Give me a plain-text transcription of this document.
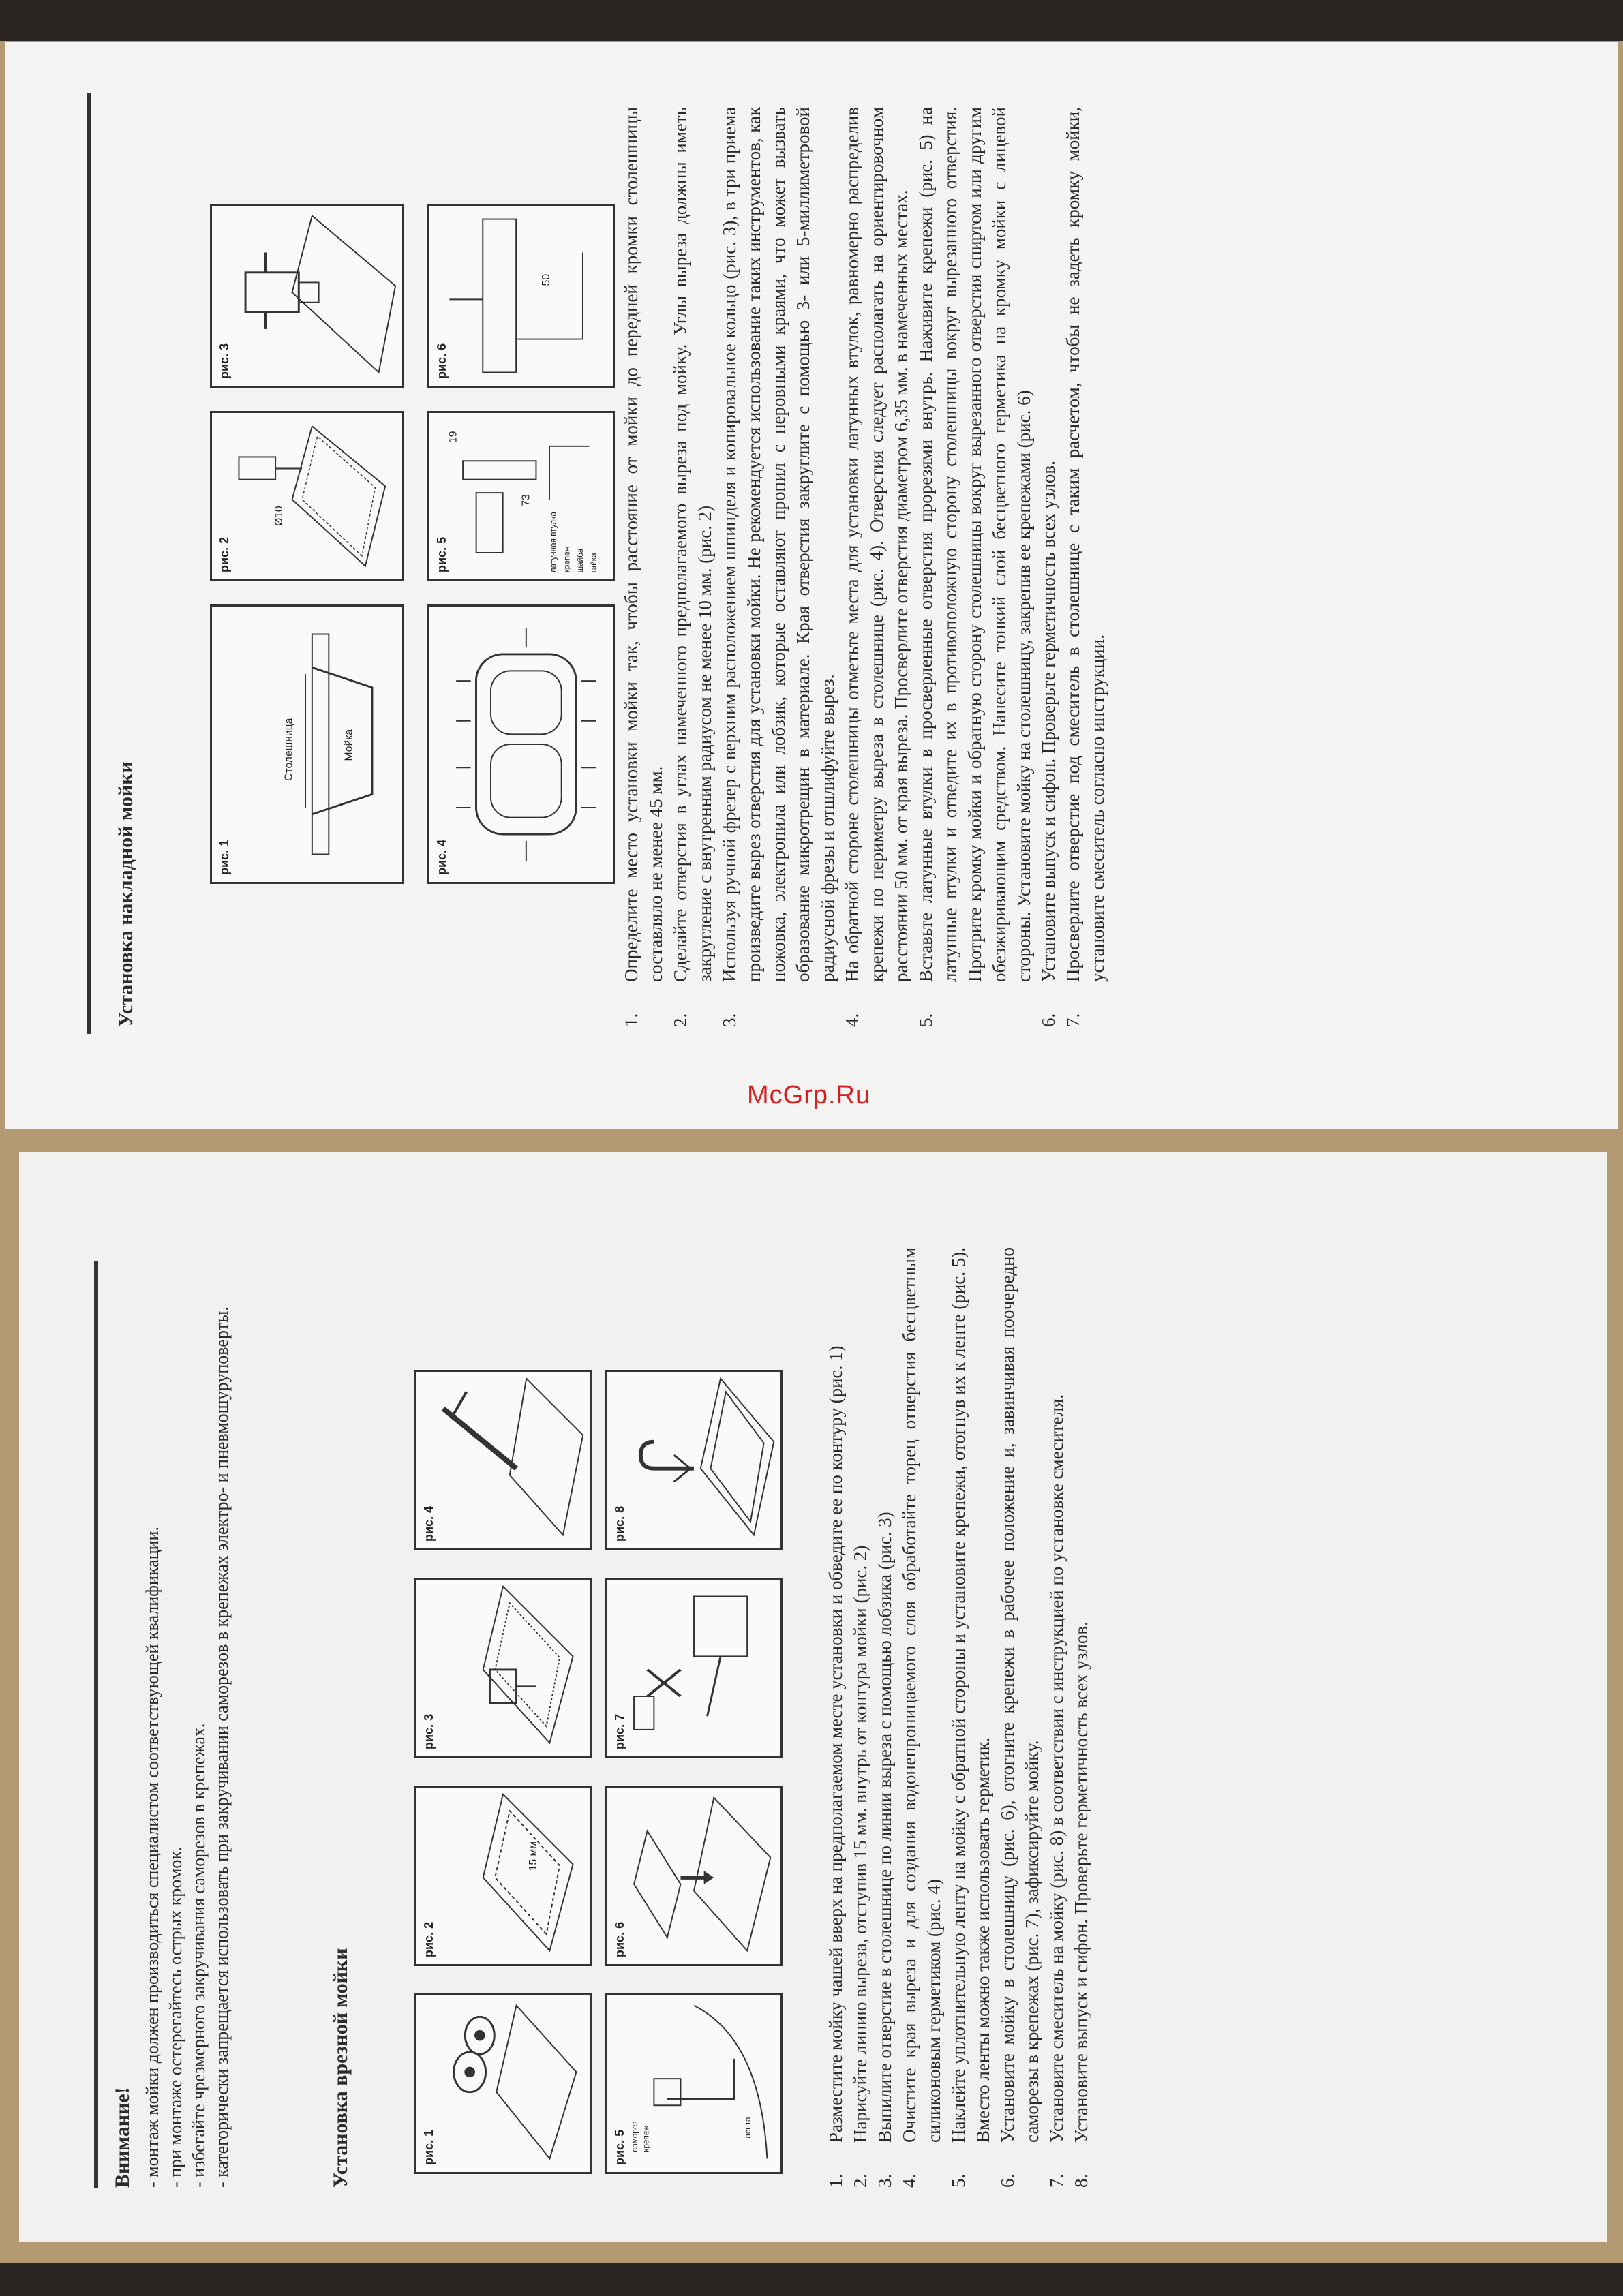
Установка накладной мойки	рис. 1
Столешница	Мойка
рис. 2
Ø10
рис. 3
рис. 4
рис. 5
19
73
латунная втулка крепеж шайба гайка
рис. 6
50
1.
Определите место установки мойки так, чтобы расстояние от мойки до передней кромки столешницы составляло не менее 45 мм.
2.
Сделайте отверстия в углах намеченного предполагаемого выреза под мойку. Углы выреза должны иметь закругление с внутренним радиусом не менее 10 мм. (рис. 2)
3.
Используя ручной фрезер с верхним расположением шпинделя и копировальное кольцо (рис. 3), в три приема произведите вырез отверстия для установки мойки. Не рекомендуется использование таких инструментов, как ножовка, электропила или лобзик, которые оставляют пропил с неровными краями, что может вызвать образование микротрещин в материале. Края отверстия закруглите с помощью 3- или 5-миллиметровой радиусной фрезы и отшлифуйте вырез.
4.
На обратной стороне столешницы отметьте места для установки латунных втулок, равномерно распределив крепежи по периметру выреза в столешнице (рис. 4). Отверстия следует располагать на ориентировочном расстоянии 50 мм. от края выреза. Просверлите отверстия диаметром 6,35 мм. в намеченных местах.
5.
Вставьте латунные втулки в просверленные отверстия прорезями внутрь. Наживите крепежи (рис. 5) на латунные втулки и отведите их в противоположную сторону столешницы вокруг вырезанного отверстия. Протрите кромку мойки и обратную сторону столешницы вокруг вырезанного отверстия спиртом или другим обезжиривающим средством. Нанесите тонкий слой бесцветного герметика на кромку мойки с лицевой стороны. Установите мойку на столешницу, закрепив ее крепежами (рис. 6)
6.
Установите выпуск и сифон. Проверьте герметичность всех узлов.
7.
Просверлите отверстие под смеситель в столешнице с таким расчетом, чтобы не задеть кромку мойки, установите смеситель согласно инструкции.
Внимание! - монтаж мойки должен производиться специалистом соответствующей квалификации. - при монтаже остерегайтесь острых кромок. - избегайте чрезмерного закручивания саморезов в крепежах. - категорически запрещается использовать при закручивании саморезов в крепежах электро- и пневмошуруповерты.	Установка врезной мойки	рис. 1
рис. 2
15 мм
рис. 3
рис. 4
рис. 5 саморез крепеж	лента
рис. 6
рис. 7
рис. 8
1.
Разместите мойку чашей вверх на предполагаемом месте установки и обведите ее по контуру (рис. 1)
2.
Нарисуйте линию выреза, отступив 15 мм. внутрь от контура мойки (рис. 2)
3.
Выпилите отверстие в столешнице по линии выреза с помощью лобзика (рис. 3)
4.
Очистите края выреза и для создания водонепроницаемого слоя обработайте торец отверстия бесцветным силиконовым герметиком (рис. 4)
5.
Наклейте уплотнительную ленту на мойку с обратной стороны и установите крепежи, отогнув их к ленте (рис. 5). Вместо ленты можно также использовать герметик.
6.
Установите мойку в столешницу (рис. 6), отогните крепежи в рабочее положение и, завинчивая поочередно саморезы в крепежах (рис. 7), зафиксируйте мойку.
7.
Установите смеситель на мойку (рис. 8) в соответствии с инструкцией по установке смесителя.
8.
Установите выпуск и сифон. Проверьте герметичность всех узлов.
McGrp.Ru
